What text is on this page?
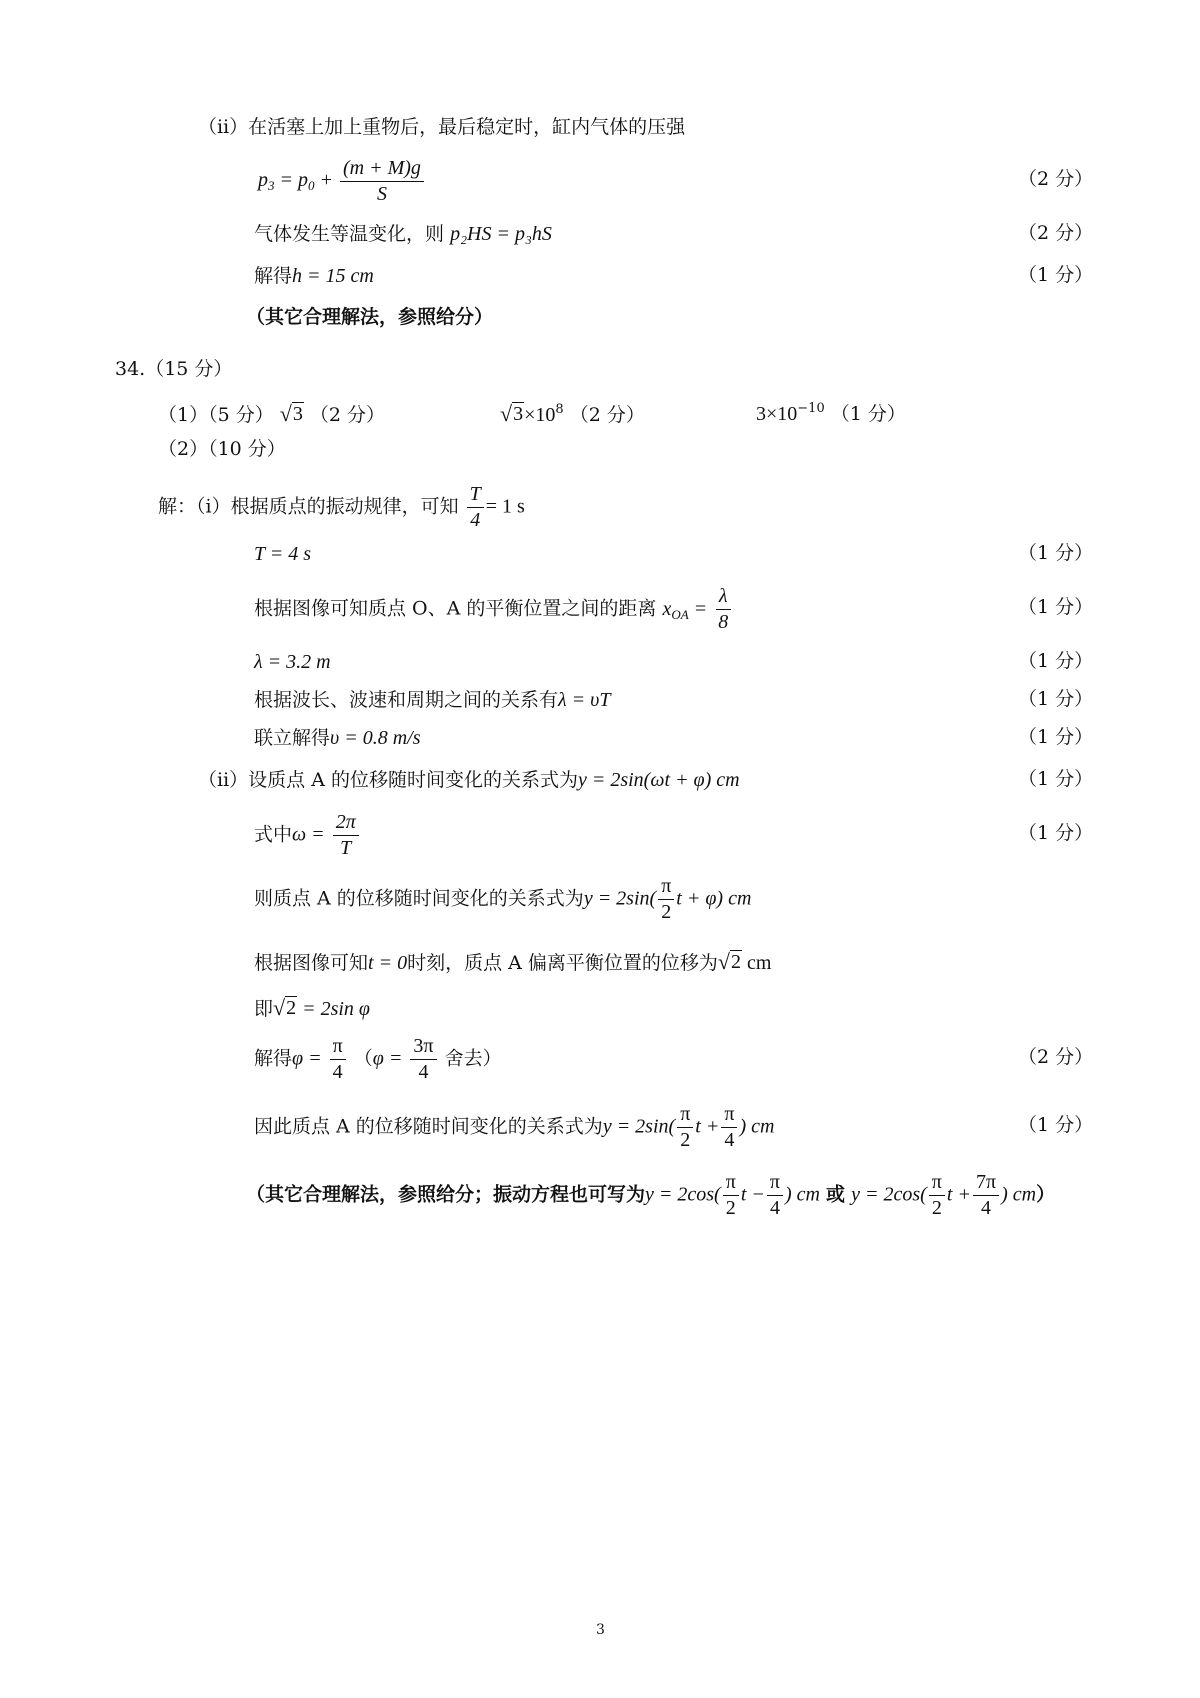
（ⅱ）在活塞上加上重物后，最后稳定时，缸内气体的压强
$p_3 = p_0 + \frac{(m + M)g}{S}$	（2 分）
气体发生等温变化，则 p₂HS = p₃hS	（2 分）
解得h = 15 cm	（1 分）
（其它合理解法，参照给分）
34.（15 分）
（1）（5 分） √ 3 （2 分）	√ $3 \times 10^8$ （2 分）	$3\times 10^{-10}$ （1 分）
（2）（10 分）
解：（ⅰ）根据质点的振动规律，可知 $\frac{T}{4} = 1$ s
T = 4 s	（1 分）
根据图像可知质点 O、A 的平衡位置之间的距离 $x_{OA} = \frac{\lambda}{8}$	（1 分）
λ = 3.2 m	（1 分）
根据波长、波速和周期之间的关系有λ = υT	（1 分）
联立解得υ = 0.8 m/s	（1 分）
（ⅱ）设质点 A 的位移随时间变化的关系式为y = 2sin(ωt + φ) cm	（1 分）
式中$\omega = \frac{2\pi}{T}$	（1 分）
则质点 A 的位移随时间变化的关系式为$y = 2\sin( \frac{\pi}{2}$ t + φ) cm
根据图像可知t = 0时刻，质点 A 偏离平衡位置的位移为 √ 2 cm
即 √ 2 = 2sin φ
解得$\varphi = \frac{\pi}{4} (\varphi = \frac{3\pi}{4}$ 舍去）	（2 分）
因此质点 A 的位移随时间变化的关系式为$y = 2\sin( \frac{\pi}{2}$ $t + \frac{\pi}{4}$ ) cm	（1 分）
（其它合理解法，参照给分；振动方程也可写为$y = 2\cos( \frac{\pi}{2}$ $t - \frac{\pi}{4}$ ) cm 或 $y = 2\cos( \frac{\pi}{2}$ $t + \frac{7\pi}{4}$ ) cm）
3
